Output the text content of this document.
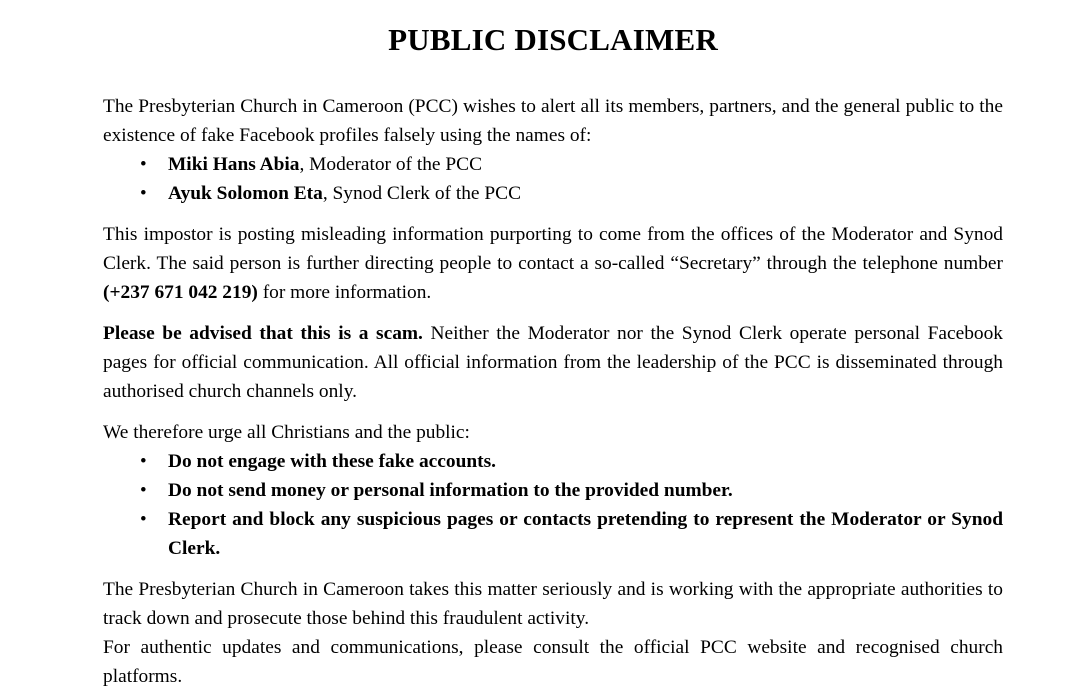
PUBLIC DISCLAIMER

The Presbyterian Church in Cameroon (PCC) wishes to alert all its members, partners, and the general public to the existence of fake Facebook profiles falsely using the names of:

• Miki Hans Abia, Moderator of the PCC
• Ayuk Solomon Eta, Synod Clerk of the PCC

This impostor is posting misleading information purporting to come from the offices of the Moderator and Synod Clerk. The said person is further directing people to contact a so-called “Secretary” through the telephone number (+237 671 042 219) for more information.

Please be advised that this is a scam. Neither the Moderator nor the Synod Clerk operate personal Facebook pages for official communication. All official information from the leadership of the PCC is disseminated through authorised church channels only.

We therefore urge all Christians and the public:

• Do not engage with these fake accounts.
• Do not send money or personal information to the provided number.
• Report and block any suspicious pages or contacts pretending to represent the Moderator or Synod Clerk.

The Presbyterian Church in Cameroon takes this matter seriously and is working with the appropriate authorities to track down and prosecute those behind this fraudulent activity.

For authentic updates and communications, please consult the official PCC website and recognised church platforms.
